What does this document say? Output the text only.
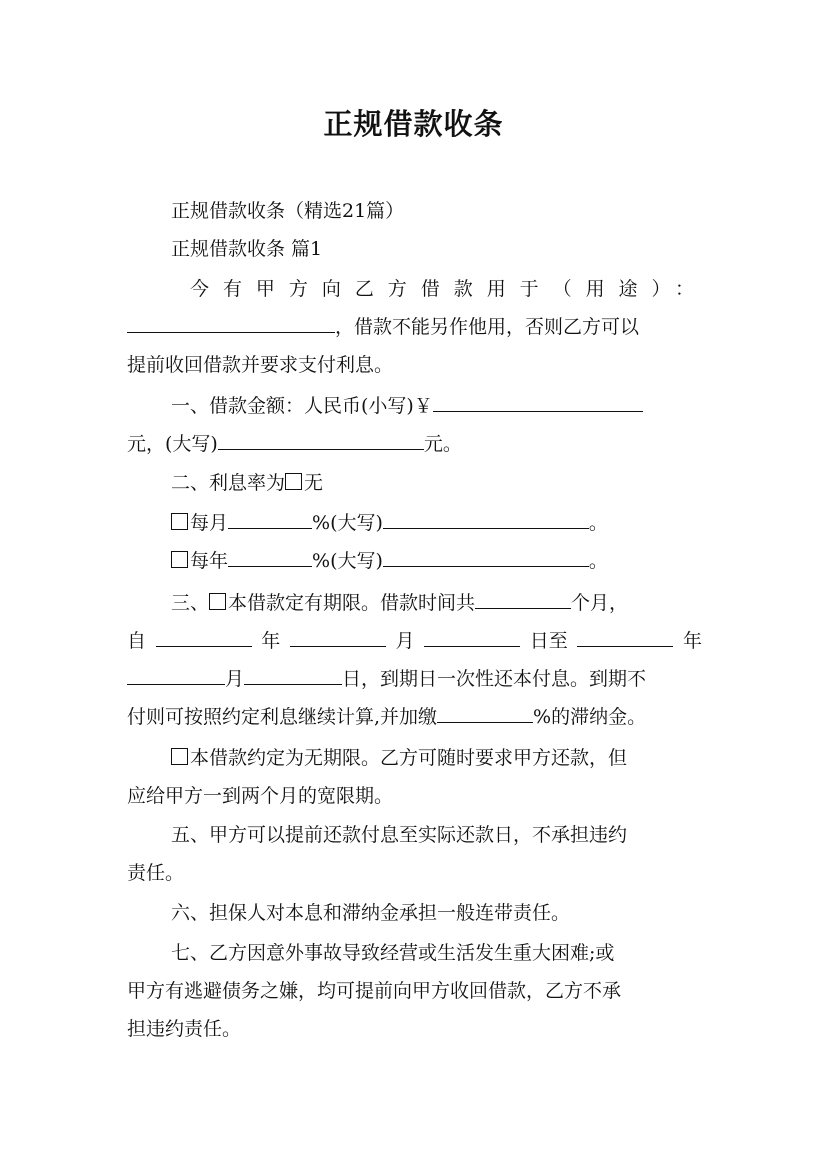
正规借款收条
正规借款收条（精选21篇）
正规借款收条 篇1
今有甲方向乙方借款用于（用途）：
，借款不能另作他用，否则乙方可以
提前收回借款并要求支付利息。
一、借款金额：人民币(小写)￥
元，(大写)	元。
二、利息率为 无
每月	%(大写)	。
每年	%(大写)	。
三、 本借款定有期限。借款时间共	个月，
自	年	月	日至	年
月	日，到期日一次性还本付息。到期不
付则可按照约定利息继续计算,并加缴	%的滞纳金。
本借款约定为无期限。乙方可随时要求甲方还款，但
应给甲方一到两个月的宽限期。
五、甲方可以提前还款付息至实际还款日，不承担违约
责任。
六、担保人对本息和滞纳金承担一般连带责任。
七、乙方因意外事故导致经营或生活发生重大困难;或
甲方有逃避债务之嫌，均可提前向甲方收回借款，乙方不承
担违约责任。
